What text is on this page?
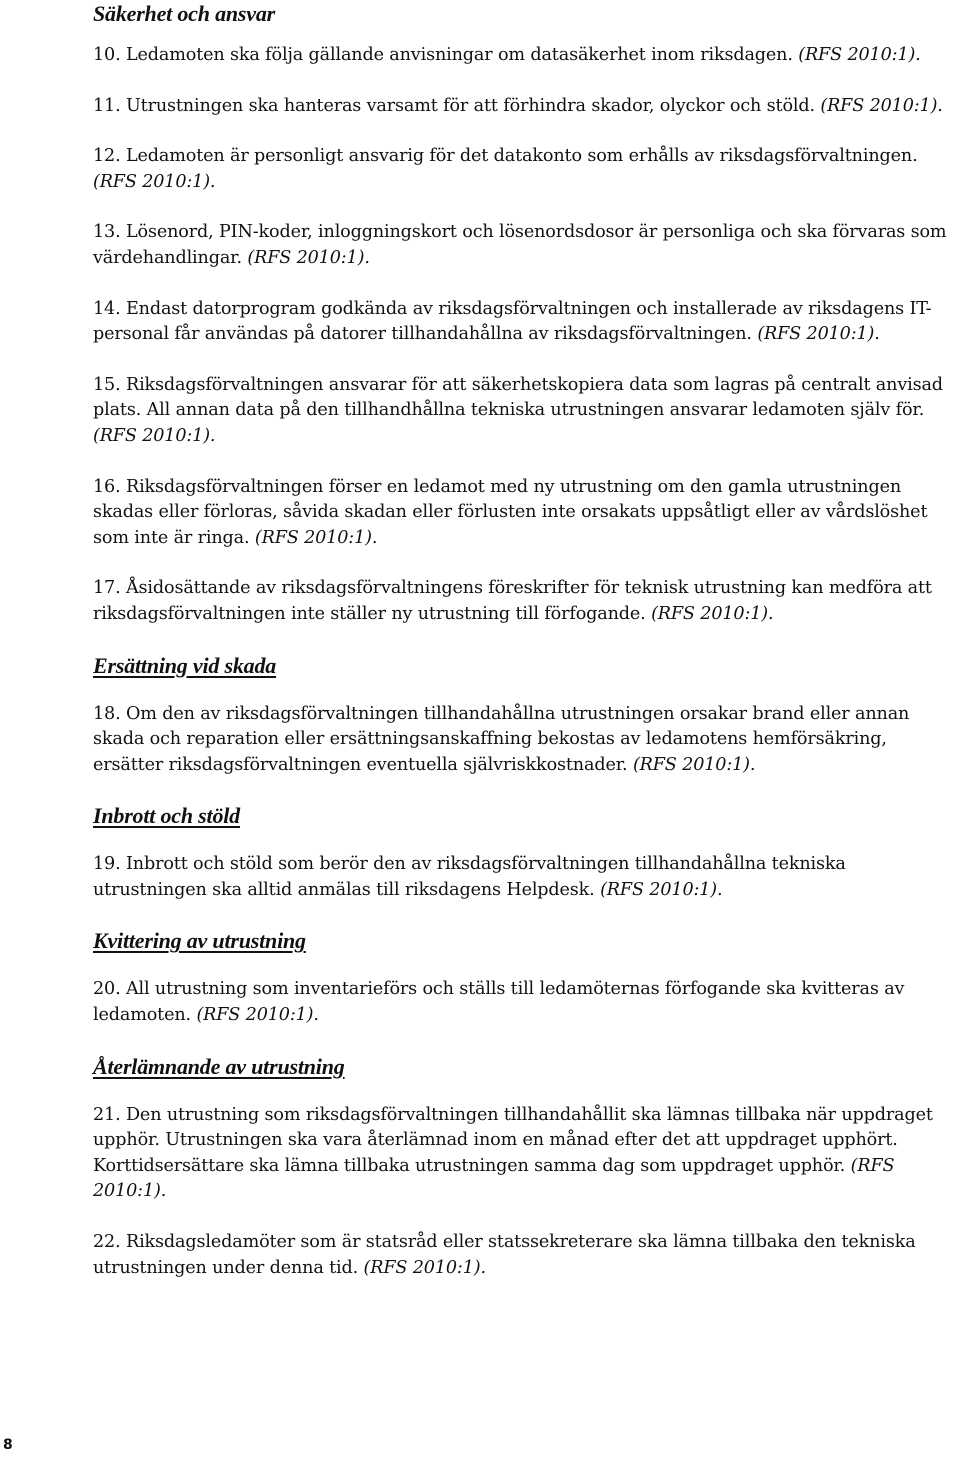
Säkerhet och ansvar

10. Ledamoten ska följa gällande anvisningar om datasäkerhet inom riksdagen. (RFS 2010:1).

11. Utrustningen ska hanteras varsamt för att förhindra skador, olyckor och stöld. (RFS 2010:1).

12. Ledamoten är personligt ansvarig för det datakonto som erhålls av riksdagsförvaltningen. (RFS 2010:1).

13. Lösenord, PIN-koder, inloggningskort och lösenordsdosor är personliga och ska förvaras som värdehandlingar. (RFS 2010:1).

14. Endast datorprogram godkända av riksdagsförvaltningen och installerade av riksdagens IT-personal får användas på datorer tillhandahållna av riksdagsförvaltningen. (RFS 2010:1).

15. Riksdagsförvaltningen ansvarar för att säkerhetskopiera data som lagras på centralt anvisad plats. All annan data på den tillhandhållna tekniska utrustningen ansvarar ledamoten själv för. (RFS 2010:1).

16. Riksdagsförvaltningen förser en ledamot med ny utrustning om den gamla utrustningen skadas eller förloras, såvida skadan eller förlusten inte orsakats uppsåtligt eller av vårdslöshet som inte är ringa. (RFS 2010:1).

17. Åsidosättande av riksdagsförvaltningens föreskrifter för teknisk utrustning kan medföra att riksdagsförvaltningen inte ställer ny utrustning till förfogande. (RFS 2010:1).

Ersättning vid skada

18. Om den av riksdagsförvaltningen tillhandahållna utrustningen orsakar brand eller annan skada och reparation eller ersättningsanskaffning bekostas av ledamotens hemförsäkring, ersätter riksdagsförvaltningen eventuella självriskkostnader. (RFS 2010:1).

Inbrott och stöld

19. Inbrott och stöld som berör den av riksdagsförvaltningen tillhandahållna tekniska utrustningen ska alltid anmälas till riksdagens Helpdesk. (RFS 2010:1).

Kvittering av utrustning

20. All utrustning som inventarieförs och ställs till ledamöternas förfogande ska kvitteras av ledamoten. (RFS 2010:1).

Återlämnande av utrustning

21. Den utrustning som riksdagsförvaltningen tillhandahållit ska lämnas tillbaka när uppdraget upphör. Utrustningen ska vara återlämnad inom en månad efter det att uppdraget upphört. Korttidsersättare ska lämna tillbaka utrustningen samma dag som uppdraget upphör. (RFS 2010:1).

22. Riksdagsledamöter som är statsråd eller statssekreterare ska lämna tillbaka den tekniska utrustningen under denna tid. (RFS 2010:1).

8
